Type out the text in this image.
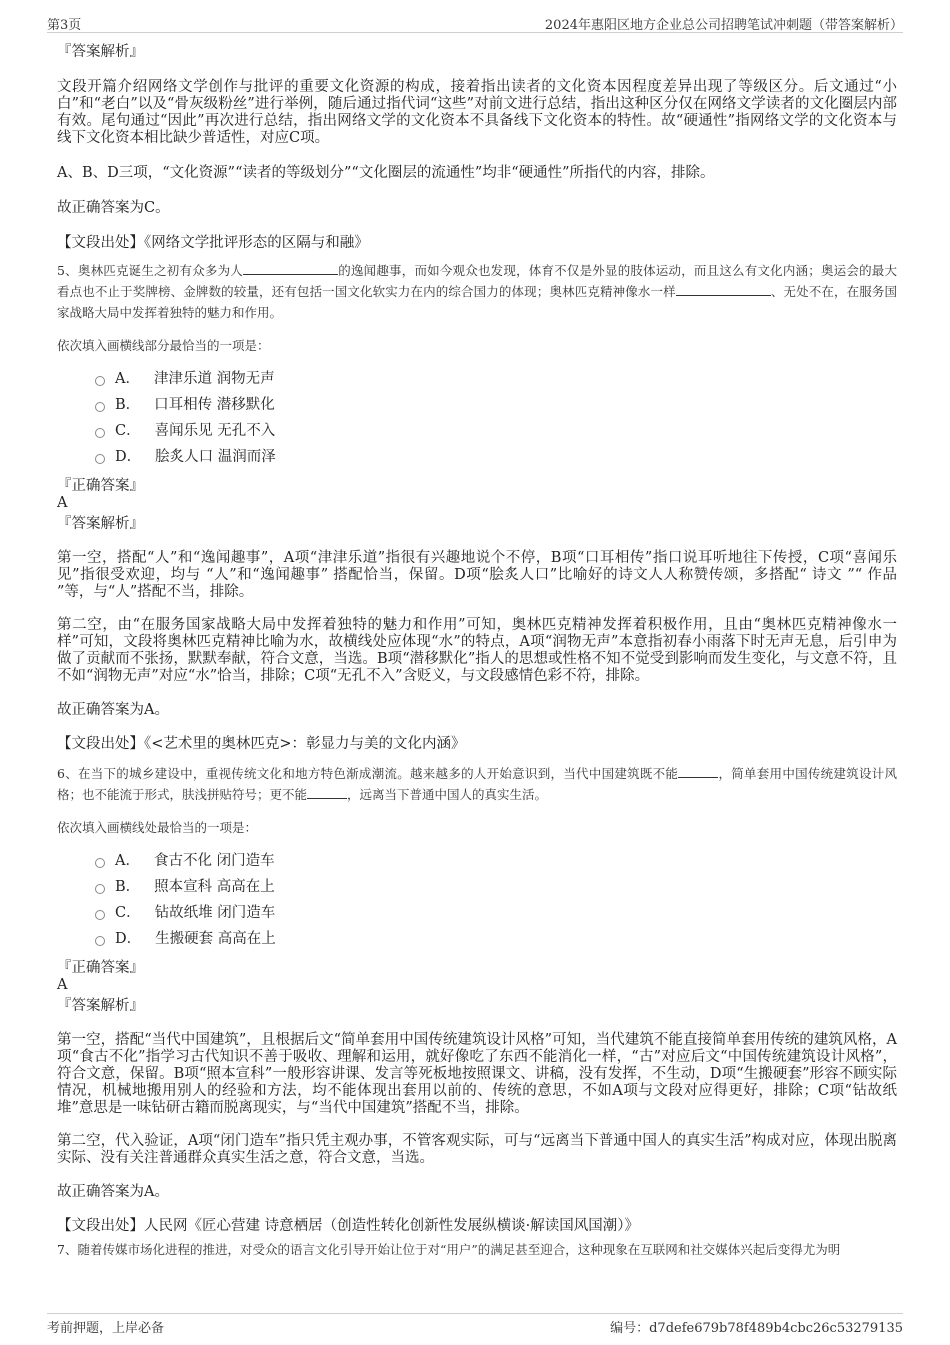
第3页	2024年惠阳区地方企业总公司招聘笔试冲刺题（带答案解析）

『答案解析』

文段开篇介绍网络文学创作与批评的重要文化资源的构成，接着指出读者的文化资本因程度差异出现了等级区分。后文通过“小白”和“老白”以及“骨灰级粉丝”进行举例，随后通过指代词“这些”对前文进行总结，指出这种区分仅在网络文学读者的文化圈层内部有效。尾句通过“因此”再次进行总结，指出网络文学的文化资本不具备线下文化资本的特性。故“硬通性”指网络文学的文化资本与线下文化资本相比缺少普适性，对应C项。

A、B、D三项，“文化资源”“读者的等级划分”“文化圈层的流通性”均非“硬通性”所指代的内容，排除。

故正确答案为C。

【文段出处】《网络文学批评形态的区隔与和融》

5、奥林匹克诞生之初有众多为人	的逸闻趣事，而如今观众也发现，体育不仅是外显的肢体运动，而且这么有文化内涵；奥运会的最大看点也不止于奖牌榜、金牌数的较量，还有包括一国文化软实力在内的综合国力的体现；奥林匹克精神像水一样	、无处不在，在服务国家战略大局中发挥着独特的魅力和作用。

依次填入画横线部分最恰当的一项是：

A． 津津乐道 润物无声
B． 口耳相传 潜移默化
C． 喜闻乐见 无孔不入
D． 脍炙人口 温润而泽

『正确答案』

A

『答案解析』

第一空，搭配“人”和“逸闻趣事”，A项“津津乐道”指很有兴趣地说个不停，B项“口耳相传”指口说耳听地往下传授，C项“喜闻乐见”指很受欢迎，均与 “人”和“逸闻趣事” 搭配恰当，保留。D项“脍炙人口”比喻好的诗文人人称赞传颂，多搭配“ 诗文 ”“ 作品 ”等，与“人”搭配不当，排除。

第二空，由“在服务国家战略大局中发挥着独特的魅力和作用”可知，奥林匹克精神发挥着积极作用，且由“奥林匹克精神像水一样”可知，文段将奥林匹克精神比喻为水，故横线处应体现“水”的特点，A项“润物无声”本意指初春小雨落下时无声无息，后引申为做了贡献而不张扬，默默奉献，符合文意，当选。B项“潜移默化”指人的思想或性格不知不觉受到影响而发生变化，与文意不符，且不如“润物无声”对应“水”恰当，排除；C项“无孔不入”含贬义，与文段感情色彩不符，排除。

故正确答案为A。

【文段出处】《<艺术里的奥林匹克>：彰显力与美的文化内涵》

6、在当下的城乡建设中，重视传统文化和地方特色渐成潮流。越来越多的人开始意识到，当代中国建筑既不能	，简单套用中国传统建筑设计风格；也不能流于形式，肤浅拼贴符号；更不能	，远离当下普通中国人的真实生活。

依次填入画横线处最恰当的一项是：

A． 食古不化 闭门造车
B． 照本宣科 高高在上
C． 钻故纸堆 闭门造车
D． 生搬硬套 高高在上

『正确答案』

A

『答案解析』

第一空，搭配“当代中国建筑”，且根据后文“简单套用中国传统建筑设计风格”可知，当代建筑不能直接简单套用传统的建筑风格，A项“食古不化”指学习古代知识不善于吸收、理解和运用，就好像吃了东西不能消化一样，“古”对应后文“中国传统建筑设计风格”，符合文意，保留。B项“照本宣科”一般形容讲课、发言等死板地按照课文、讲稿，没有发挥，不生动，D项“生搬硬套”形容不顾实际情况，机械地搬用别人的经验和方法，均不能体现出套用以前的、传统的意思，不如A项与文段对应得更好，排除；C项“钻故纸堆”意思是一味钻研古籍而脱离现实，与“当代中国建筑”搭配不当，排除。

第二空，代入验证，A项“闭门造车”指只凭主观办事，不管客观实际，可与“远离当下普通中国人的真实生活”构成对应，体现出脱离实际、没有关注普通群众真实生活之意，符合文意，当选。

故正确答案为A。

【文段出处】人民网《匠心营建 诗意栖居（创造性转化创新性发展纵横谈·解读国风国潮）》

7、随着传媒市场化进程的推进，对受众的语言文化引导开始让位于对“用户”的满足甚至迎合，这种现象在互联网和社交媒体兴起后变得尤为明

考前押题，上岸必备	编号：d7defe679b78f489b4cbc26c53279135
